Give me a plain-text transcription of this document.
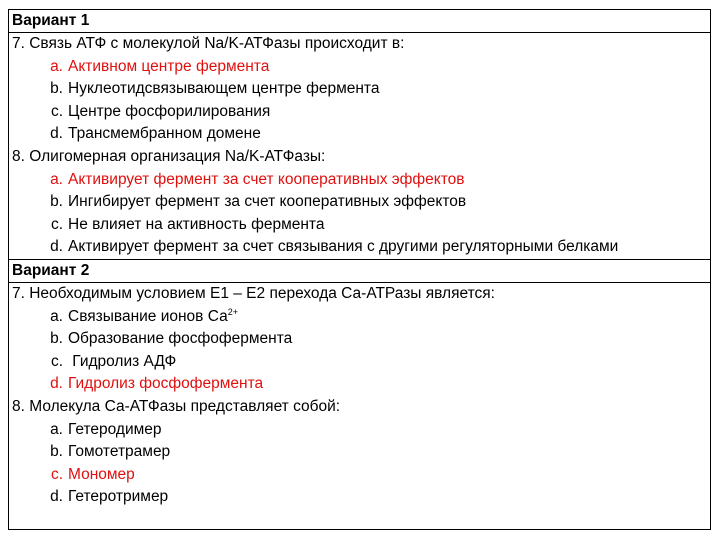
Вариант 1
7. Связь АТФ с молекулой Na/K-АТФазы происходит в:
a. Активном центре фермента
b. Нуклеотидсвязывающем центре фермента
c. Центре фосфорилирования
d. Трансмембранном домене
8. Олигомерная организация Na/K-АТФазы:
a. Активирует фермент за счет кооперативных эффектов
b. Ингибирует фермент за счет кооперативных эффектов
c. Не влияет на активность фермента
d. Активирует фермент за счет связывания с другими регуляторными белками
Вариант 2
7. Необходимым условием Е1 – Е2 перехода Са-АТРазы является:
a. Связывание ионов $Са^{2+}$
b. Образование фосфофермента
c. Гидролиз АДФ
d. Гидролиз фосфофермента
8. Молекула Са-АТФазы представляет собой:
a. Гетеродимер
b. Гомотетрамер
c. Мономер
d. Гетеротример
